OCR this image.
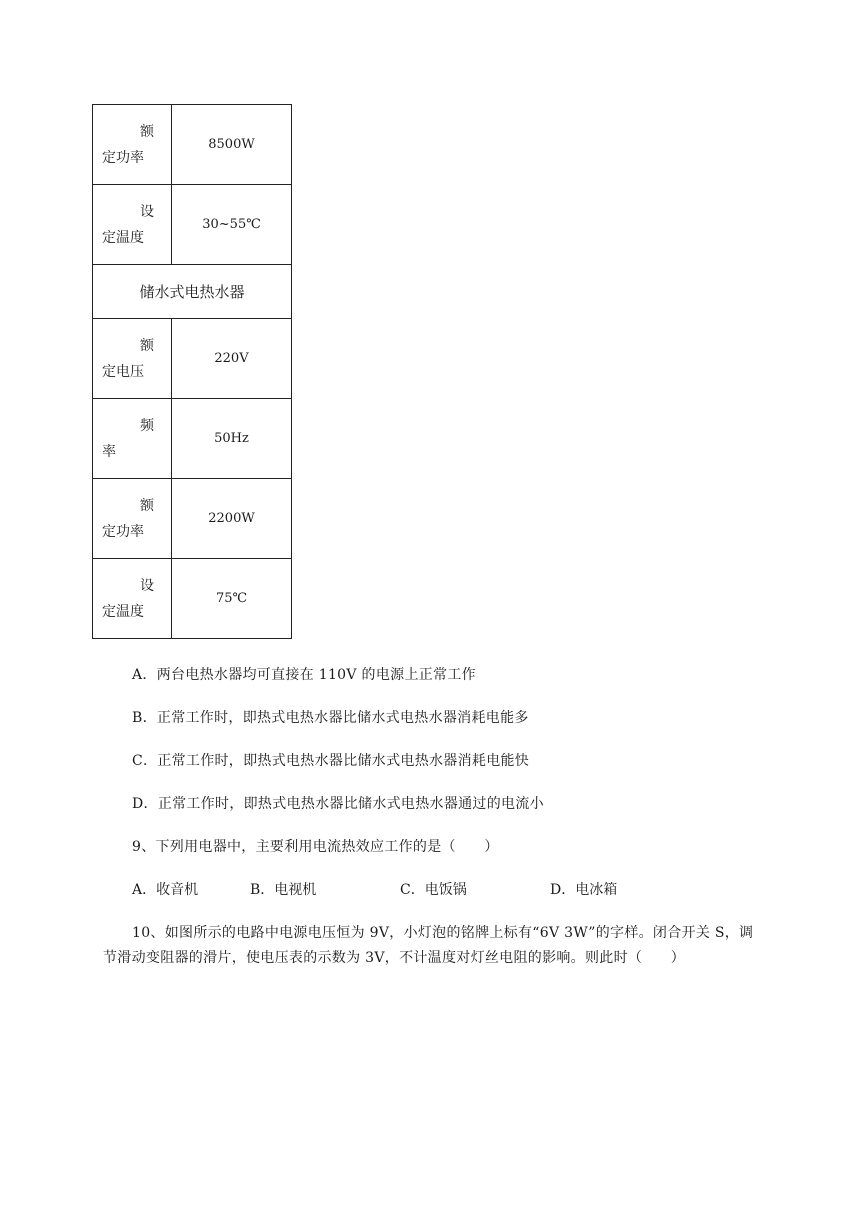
额
定功率	8500W

设
定温度	30~55℃
储水式电热水器	

额
定电压	220V

频
率	50Hz

额
定功率	2200W

设
定温度	75℃
A．两台电热水器均可直接在 110V 的电源上正常工作
B．正常工作时，即热式电热水器比储水式电热水器消耗电能多
C．正常工作时，即热式电热水器比储水式电热水器消耗电能快
D．正常工作时，即热式电热水器比储水式电热水器通过的电流小
9、下列用电器中，主要利用电流热效应工作的是（　　）
A．收音机	B．电视机	C．电饭锅	D．电冰箱
10、如图所示的电路中电源电压恒为 9V，小灯泡的铭牌上标有“6V 3W”的字样。闭合开关 S，调
节滑动变阻器的滑片，使电压表的示数为 3V，不计温度对灯丝电阻的影响。则此时（　　）
